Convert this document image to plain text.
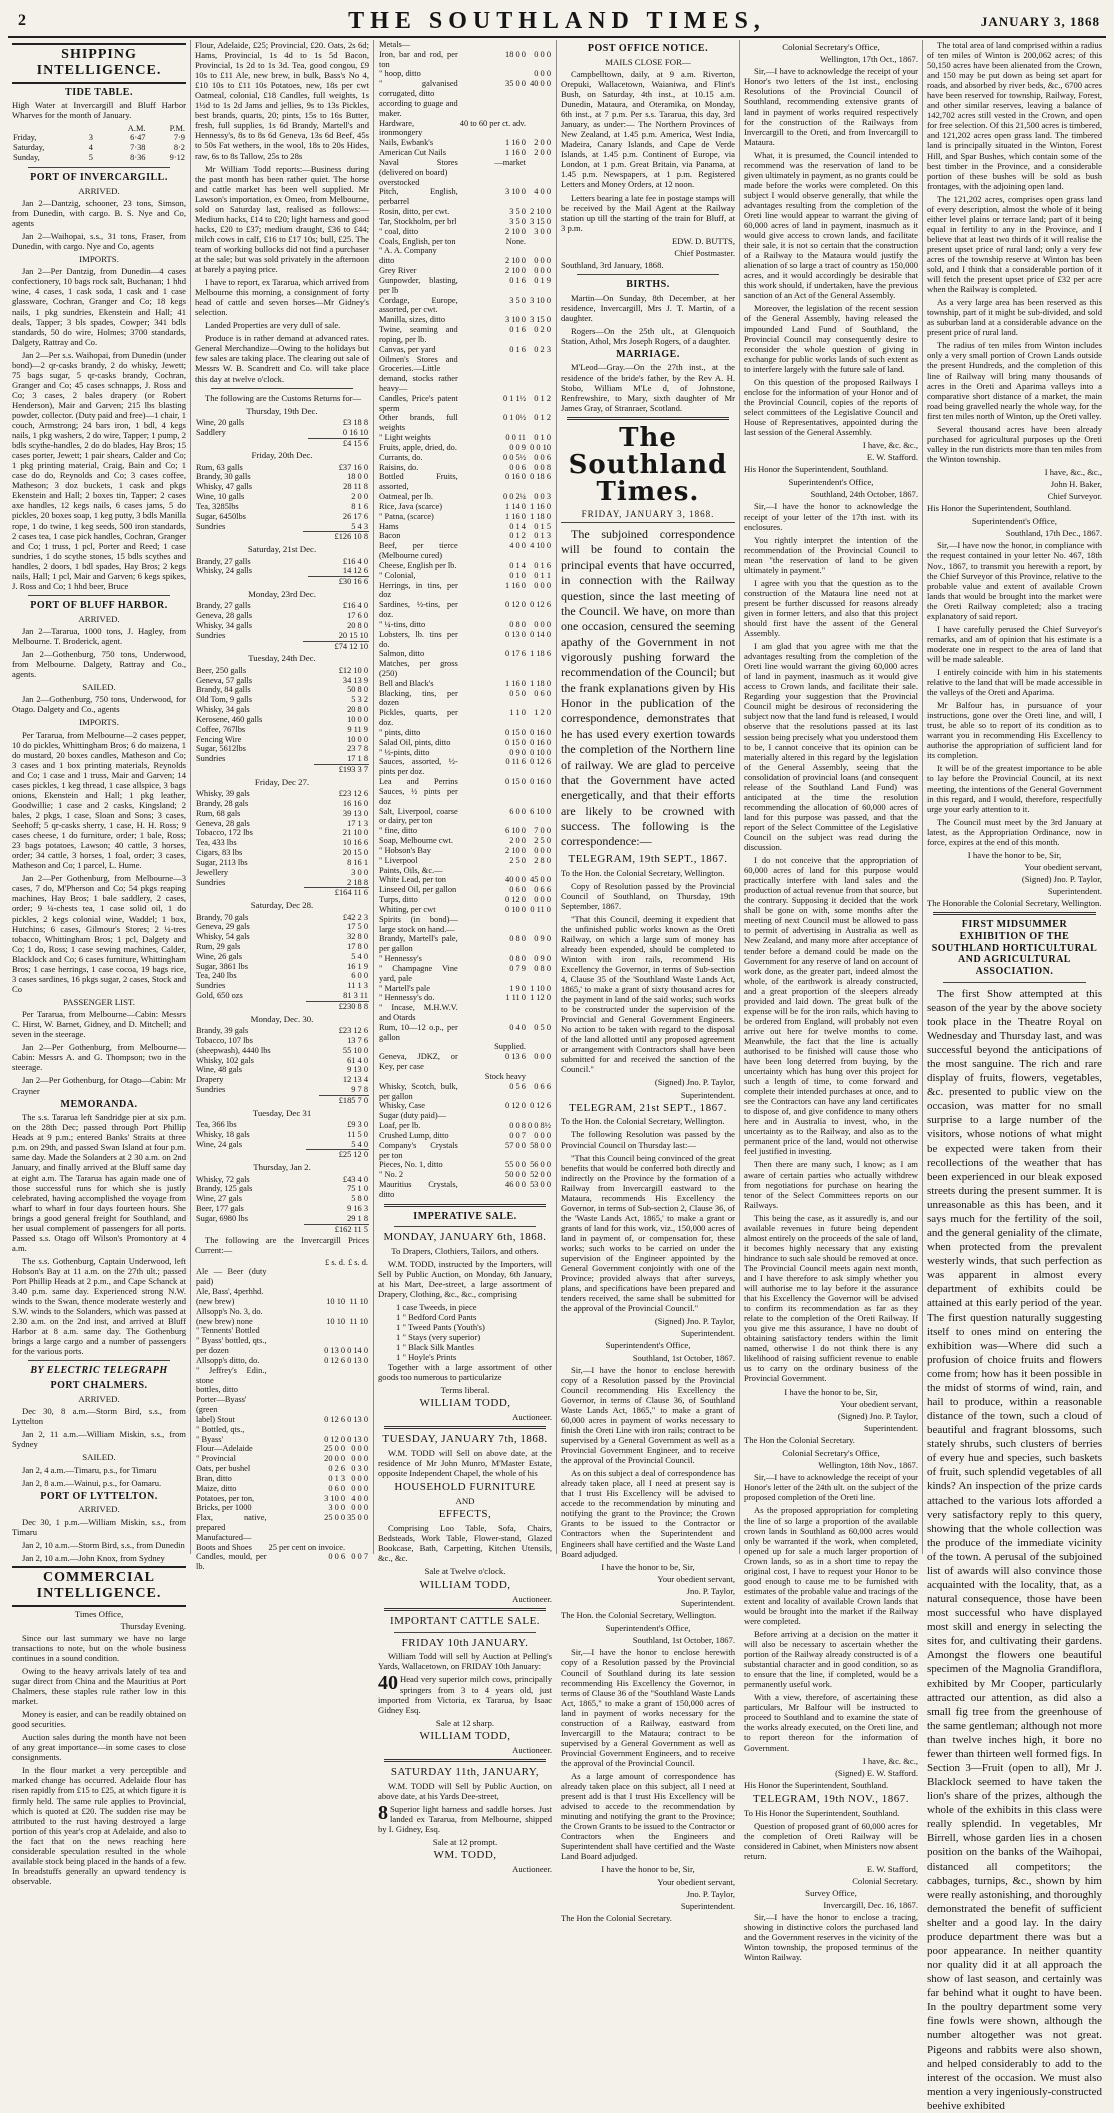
2	THE SOUTHLAND TIMES,	JANUARY 3, 1868
SHIPPING INTELLIGENCE.
TIDE TABLE.

High Water at Invercargill and Bluff Harbor Wharves for the month of January.

		A.M.	P.M.
Friday,	3	6·47	7·9
Saturday,	4	7·38	8·2
Sunday,	5	8·36	9·12
PORT OF INVERCARGILL.
ARRIVED.

Jan 2—Dantzig, schooner, 23 tons, Simson, from Dunedin, with cargo. B. S. Nye and Co, agents

Jan 2—Waihopai, s.s., 31 tons, Fraser, from Dunedin, with cargo. Nye and Co, agents

IMPORTS.

Jan 2—Per Dantzig, from Dunedin—4 cases confectionery, 10 bags rock salt, Buchanan; 1 hhd wine, 4 cases, 1 cask soda, 1 cask and 1 case glassware, Cochran, Granger and Co; 18 kegs nails, 1 pkg sundries, Ekenstein and Hall; 41 deals, Tapper; 3 bls spades, Cowper; 341 bdls standards, 50 do wire, Holmes; 3700 standards, Dalgety, Rattray and Co.

Jan 2—Per s.s. Waihopai, from Dunedin (under bond)—2 qr-casks brandy, 2 do whisky, Jewett; 75 bags sugar, 5 qr-casks brandy, Cochran, Granger and Co; 45 cases schnapps, J. Ross and Co; 3 cases, 2 bales drapery (or Robert Henderson), Mair and Garven; 215 lbs blasting powder, collector. (Duty paid and free)—1 chair, 1 couch, Armstrong; 24 bars iron, 1 bdl, 4 kegs nails, 1 pkg washers, 2 do wire, Tapper; 1 pump, 2 bdls scythe-handles, 2 do do blades, Hay Bros; 15 cases porter, Jewett; 1 pair shears, Calder and Co; 1 pkg printing material, Craig, Bain and Co; 1 case do do, Reynolds and Co; 3 cases coffee, Matheson; 3 doz buckets, 1 cask and pkgs Ekenstein and Hall; 2 boxes tin, Tapper; 2 cases axe handles, 12 kegs nails, 6 cases jams, 5 do pickles, 20 boxes soap, 1 keg putty, 3 bdls Manilla rope, 1 do twine, 1 keg seeds, 500 iron standards, 2 cases tea, 1 case pick handles, Cochran, Granger and Co; 1 truss, 1 pcl, Porter and Reed; 1 case sundries, 1 do scythe stones, 15 bdls scythes and handles, 2 doors, 1 bdl spades, Hay Bros; 2 kegs nails, Hall; 1 pcl, Mair and Garven; 6 kegs spikes, J. Ross and Co; 1 hhd beer, Bruce

PORT OF BLUFF HARBOR.
ARRIVED.

Jan 2—Tararua, 1000 tons, J. Hagley, from Melbourne. T. Broderick, agent.

Jan 2—Gothenburg, 750 tons, Underwood, from Melbourne. Dalgety, Rattray and Co., agents.

SAILED.

Jan 2—Gothenburg, 750 tons, Underwood, for Otago. Dalgety and Co., agents

IMPORTS.

Per Tararua, from Melbourne—2 cases pepper, 10 do pickles, Whittingham Bros; 6 do maizena, 1 do mustard, 20 boxes candles, Matheson and Co; 3 cases and 1 box printing materials, Reynolds and Co; 1 case and 1 truss, Mair and Garven; 14 cases pickles, 1 keg thread, 1 case allspice, 3 bags onions, Ekenstein and Hall; 1 pkg leather, Goodwillie; 1 case and 2 casks, Kingsland; 2 bales, 2 pkgs, 1 case, Sloan and Sons; 3 cases, Seehoff; 5 qr-casks sherry, 1 case, H. H. Ross; 9 cases cheese, 1 do furniture, order; 1 bale, Ross; 23 bags potatoes, Lawson; 40 cattle, 3 horses, order; 34 cattle, 3 horses, 1 foal, order; 3 cases, Matheson and Co; 1 parcel, L. Hume.

Jan 2—Per Gothenburg, from Melbourne—3 cases, 7 do, M'Pherson and Co; 54 pkgs reaping machines, Hay Bros; 1 bale saddlery, 2 cases, order; 9 ¼-chests tea, 1 case solid oil, 1 do pickles, 2 kegs colonial wine, Waddel; 1 box, Hutchins; 6 cases, Gilmour's Stores; 2 ¼-tres tobacco, Whittingham Bros; 1 pcl, Dalgety and Co; 1 do, Ross; 1 case sewing machines, Calder, Blacklock and Co; 6 cases furniture, Whittingham Bros; 1 case herrings, 1 case cocoa, 19 bags rice, 3 cases sardines, 16 pkgs sugar, 2 cases, Stock and Co

PASSENGER LIST.

Per Tararua, from Melbourne—Cabin: Messrs C. Hirst, W. Barnet, Gidney, and D. Mitchell; and seven in the steerage.

Jan 2—Per Gothenburg, from Melbourne—Cabin: Messrs A. and G. Thompson; two in the steerage.

Jan 2—Per Gothenburg, for Otago—Cabin: Mr Crayner

MEMORANDA.

The s.s. Tararua left Sandridge pier at six p.m. on the 28th Dec; passed through Port Phillip Heads at 9 p.m.; entered Banks' Straits at three p.m. on 29th, and passed Swan Island at four p.m. same day. Made the Solanders at 2 30 a.m. on 2nd January, and finally arrived at the Bluff same day at eight a.m. The Tararua has again made one of those successful runs for which she is justly celebrated, having accomplished the voyage from wharf to wharf in four days fourteen hours. She brings a good general freight for Southland, and her usual complement of passengers for all ports. Passed s.s. Otago off Wilson's Promontory at 4 a.m.

The s.s. Gothenburg, Captain Underwood, left Hobson's Bay at 11 a.m. on the 27th ult.; passed Port Phillip Heads at 2 p.m., and Cape Schanck at 3.40 p.m. same day. Experienced strong N.W. winds to the Swan, thence moderate westerly and S.W. winds to the Solanders, which was passed at 2.30 a.m. on the 2nd inst, and arrived at Bluff Harbor at 8 a.m. same day. The Gothenburg brings a large cargo and a number of passengers for the various ports.

BY ELECTRIC TELEGRAPH
PORT CHALMERS.
ARRIVED.

Dec 30, 8 a.m.—Storm Bird, s.s., from Lyttelton

Jan 2, 11 a.m.—William Miskin, s.s., from Sydney

SAILED.

Jan 2, 4 a.m.—Timaru, p.s., for Timaru

Jan 2, 8 a.m.—Wainui, p.s., for Oamaru.

PORT OF LYTTELTON.
ARRIVED.

Dec 30, 1 p.m.—William Miskin, s.s., from Timaru

Jan 2, 10 a.m.—Storm Bird, s.s., from Dunedin

Jan 2, 10 a.m.—John Knox, from Sydney

COMMERCIAL INTELLIGENCE.
Times Office,
Thursday Evening.

Since our last summary we have no large transactions to note, but on the whole business continues in a sound condition.

Owing to the heavy arrivals lately of tea and sugar direct from China and the Mauritius at Port Chalmers, these staples rule rather low in this market.

Money is easier, and can be readily obtained on good securities.

Auction sales during the month have not been of any great importance—in some cases to close consignments.

In the flour market a very perceptible and marked change has occurred. Adelaide flour has risen rapidly from £15 to £25, at which figure it is firmly held. The same rule applies to Provincial, which is quoted at £20. The sudden rise may be attributed to the rust having destroyed a large portion of this year's crop at Adelaide, and also to the fact that on the news reaching here considerable speculation resulted in the whole available stock being placed in the hands of a few. In breadstuffs generally an upward tendency is observable.

Flour, Adelaide, £25; Provincial, £20. Oats, 2s 6d; Hams, Provincial, 1s 4d to 1s 5d Bacon, Provincial, 1s 2d to 1s 3d. Tea, good congou, £9 10s to £11 Ale, new brew, in bulk, Bass's No 4, £10 10s to £11 10s Potatoes, new, 18s per cwt Oatmeal, colonial, £18 Candles, full weights, 1s 1½d to 1s 2d Jams and jellies, 9s to 13s Pickles, best brands, quarts, 20; pints, 15s to 16s Butter, fresh, full supplies, 1s 6d Brandy, Martell's and Hennessy's, 8s to 8s 6d Geneva, 13s 6d Beef, 45s to 50s Fat wethers, in the wool, 18s to 20s Hides, raw, 6s to 8s Tallow, 25s to 28s

Mr William Todd reports:—Business during the past month has been rather quiet. The horse and cattle market has been well supplied. Mr Lawson's importation, ex Omeo, from Melbourne, sold on Saturday last, realised as follows:—Medium hacks, £14 to £20; light harness and good hacks, £20 to £37; medium draught, £36 to £44; milch cows in calf, £16 to £17 10s; bull, £25. The team of working bullocks did not find a purchaser at the sale; but was sold privately in the afternoon at barely a paying price.

I have to report, ex Tararua, which arrived from Melbourne this morning, a consignment of forty head of cattle and seven horses—Mr Gidney's selection.

Landed Properties are very dull of sale.

Produce is in rather demand at advanced rates. General Merchandize—Owing to the holidays but few sales are taking place. The clearing out sale of Messrs W. B. Scandrett and Co. will take place this day at twelve o'clock.

The following are the Customs Returns for—

Thursday, 19th Dec.
Wine, 20 galls	£3 18 8
Saddlery	0 16 10
	£4 15 6
Friday, 20th Dec.
Rum, 63 galls	£37 16 0
Brandy, 30 galls	18 0 0
Whisky, 47 galls	28 11 8
Wine, 10 galls	2 0 0
Tea, 3285lbs	8 1 6
Sugar, 6450lbs	26 17 6
Sundries	5 4 3
	£126 10 8
Saturday, 21st Dec.
Brandy, 27 galls	£16 4 0
Whisky, 24 galls	14 12 6
	£30 16 6
Monday, 23rd Dec.
Brandy, 27 galls	£16 4 0
Geneva, 28 galls	17 6 0
Whisky, 34 galls	20 8 0
Sundries	20 15 10
	£74 12 10
Tuesday, 24th Dec.
Beer, 250 galls	£12 10 0
Geneva, 57 galls	34 13 9
Brandy, 84 galls	50 8 0
Old Tom, 9 galls	5 3 2
Whisky, 34 gals	20 8 0
Kerosene, 460 galls	10 0 0
Coffee, 767lbs	9 11 9
Fencing Wire	10 0 0
Sugar, 5612lbs	23 7 8
Sundries	17 1 8
	£193 3 7
Friday, Dec 27.
Whisky, 39 gals	£23 12 6
Brandy, 28 gals	16 16 0
Rum, 68 gals	39 13 0
Geneva, 28 gals	17 1 3
Tobacco, 172 lbs	21 10 0
Tea, 433 lbs	10 16 6
Cigars, 83 lbs	20 15 0
Sugar, 2113 lbs	8 16 1
Jewellery	3 0 0
Sundries	2 18 8
	£164 11 6
Saturday, Dec 28.
Brandy, 70 gals	£42 2 3
Geneva, 29 gals	17 5 0
Whisky, 54 gals	32 8 0
Rum, 29 gals	17 8 0
Wine, 26 gals	5 4 0
Sugar, 3861 lbs	16 1 9
Tea, 240 lbs	6 0 0
Sundries	11 1 3
Gold, 650 ozs	81 3 11
	£230 8 8
Monday, Dec. 30.
Brandy, 39 gals	£23 12 6
Tobacco, 107 lbs	13 7 6
(sheepwash), 4440 lbs	55 10 0
Whisky, 102 gals	61 4 0
Wine, 48 gals	9 13 0
Drapery	12 13 4
Sundries	9 7 8
	£185 7 0
Tuesday, Dec 31
Tea, 366 lbs	£9 3 0
Whisky, 18 gals	11 5 0
Wine, 24 gals	5 4 0
	£25 12 0
Thursday, Jan 2.
Whisky, 72 gals	£43 4 0
Brandy, 125 gals	75 1 0
Wine, 27 gals	5 8 0
Beer, 177 gals	9 16 3
Sugar, 6980 lbs	29 1 8
	£162 11 5

The following are the Invercargill Prices Current:—

	£ s. d.	£ s. d.
Ale — Beer (duty paid)		
Ale, Bass', 4perhhd.		
(new brew)	10 10	11 10
Allsopp's No. 3, do.		
(new brew) none	10 10	11 10
" Tennents' Bottled		
" Byass' bottled, qts.,		
per dozen	0 13 0	0 14 0
Allsopp's ditto, do.	0 12 6	0 13 0
" Jeffrey's Edin., stone		
bottles, ditto		
Porter—Byass' (green		
label) Stout	0 12 6	0 13 0
" Bottled, qts.,		
" Byass'	0 12 0	0 13 0
Flour—Adelaide	25 0 0	0 0 0
" Provincial	20 0 0	0 0 0
Oats, per bushel	0 2 6	0 3 0
Bran, ditto	0 1 3	0 0 0
Maize, ditto	0 6 0	0 0 0
Potatoes, per ton,	3 10 0	4 0 0
Bricks, per 1000	3 0 0	0 0 0
Flax, native, prepared	25 0 0	35 0 0
Manufactured—		
Boots and Shoes	25 per cent on invoice.	
Candles, mould, per lb.	0 0 6	0 0 7
Metals—		
Iron, bar and rod, per ton	18 0 0	0 0 0
" hoop, ditto		0 0 0
" galvanised corrugated, ditto	35 0 0	40 0 0
according to guage and maker.		
Hardware, ironmongery	40 to 60 per ct. adv.	
Nails, Ewbank's	1 16 0	2 0 0
American Cut Nails	1 16 0	2 0 0
Naval Stores (delivered on board)	—market	
overstocked		
Pitch, English, perbarrel	3 10 0	4 0 0
Rosin, ditto, per cwt.	3 5 0	2 10 0
Tar, Stockholm, per brl	3 5 0	3 15 0
" coal, ditto	2 10 0	3 0 0
Coals, English, per ton	None.	
" A. A. Company		
ditto	2 10 0	0 0 0
Grey River	2 10 0	0 0 0
Gunpowder, blasting, per lb	0 1 6	0 1 9
Cordage, Europe, assorted, per cwt.	3 5 0	3 10 0
Manilla, sizes, ditto	3 10 0	3 15 0
Twine, seaming and roping, per lb.	0 1 6	0 2 0
Canvas, per yard	0 1 6	0 2 3
Oilmen's Stores and Groceries.—Little demand, stocks rather heavy—		
Candles, Price's patent sperm	0 1 1½	0 1 2
Other brands, full weights	0 1 0½	0 1 2
" Light weights	0 0 11	0 1 0
Fruits, apple, dried, do.	0 0 9	0 0 10
Currants, do.	0 0 5½	0 0 6
Raisins, do.	0 0 6	0 0 8
Bottled Fruits, assorted,	0 16 0	0 18 6
Oatmeal, per lb.	0 0 2¼	0 0 3
Rice, Java (scarce)	1 14 0	1 16 0
" Patna, (scarce)	1 16 0	1 18 0
Hams	0 1 4	0 1 5
Bacon	0 1 2	0 1 3
Beef, per tierce (Melbourne cured)	4 0 0	4 10 0
Cheese, English per lb.	0 1 4	0 1 6
" Colonial,	0 1 0	0 1 1
Herrings, in tins, per doz	1 16 0	0 0 0
Sardines, ½-tins, per doz.	0 12 0	0 12 6
" ¼-tins, ditto	0 8 0	0 0 0
Lobsters, lb. tins per do.	0 13 0	0 14 0
Salmon, ditto	0 17 6	1 18 6
Matches, per gross (250)		
Bell and Black's	1 16 0	1 18 0
Blacking, tins, per dozen	0 5 0	0 6 0
Pickles, quarts, per doz.	1 1 0	1 2 0
" pints, ditto	0 15 0	0 16 0
Salad Oil, pints, ditto	0 15 0	0 16 0
" ½-pints, ditto	0 9 0	0 10 0
Sauces, assorted, ½-pints per doz.	0 11 6	0 12 6
Lea and Perrins Sauces, ½ pints per doz	0 15 0	0 16 0
Salt, Liverpool, coarse or dairy, per ton	6 0 0	6 10 0
" fine, ditto	6 10 0	7 0 0
Soap, Melbourne cwt.	2 0 0	2 5 0
" Hobson's Bay	2 10 0	0 0 0
" Liverpool	2 5 0	2 8 0
Paints, Oils, &c.—		
White Lead, per ton	40 0 0	45 0 0
Linseed Oil, per gallon	0 6 0	0 6 6
Turps, ditto	0 12 0	0 0 0
Whiting, per cwt	0 10 0	0 11 0
Spirits (in bond)—large stock on hand.—		
Brandy, Martell's pale, per gallon	0 8 0	0 9 0
" Hennessy's	0 8 0	0 9 0
" Champagne Vine yard, pale	0 7 9	0 8 0
" Martell's pale	1 9 0	1 10 0
" Hennessy's do.	1 11 0	1 12 0
" Incase, M.H.W.V. and Otards		
Rum, 10—12 o.p., per gallon	0 4 0	0 5 0
	Supplied.	
Geneva, JDKZ, or Key, per case	0 13 6	0 0 0
	Stock heavy	
Whisky, Scotch, bulk, per gallon	0 5 6	0 6 6
Whisky, Case	0 12 0	0 12 6
Sugar (duty paid)—		
Loaf, per lb.	0 0 8	0 0 8½
Crushed Lump, ditto	0 0 7	0 0 0
Company's Crystals per ton	57 0 0	58 0 0
Pieces, No. 1, ditto	55 0 0	56 0 0
" No. 2	50 0 0	52 0 0
Mauritius Crystals, ditto	46 0 0	53 0 0
IMPERATIVE SALE.
MONDAY, JANUARY 6th, 1868.
To Drapers, Clothiers, Tailors, and others.

W.M. TODD, instructed by the Importers, will Sell by Public Auction, on Monday, 6th January, at his Mart, Dee-street, a large assortment of Drapery, Clothing, &c., &c., comprising

1 case Tweeds, in piece
1 " Bedford Cord Pants
1 " Tweed Pants (Youth's)
1 " Stays (very superior)
1 " Black Silk Mantles
1 " Hoyle's Prints

Together with a large assortment of other goods too numerous to particularize

Terms liberal.
WILLIAM TODD,
Auctioneer.
TUESDAY, JANUARY 7th, 1868.

W.M. TODD will Sell on above date, at the residence of Mr John Munro, M'Master Estate, opposite Independent Chapel, the whole of his

HOUSEHOLD FURNITURE
AND
EFFECTS,

Comprising Loo Table, Sofa, Chairs, Bedsteads, Work Table, Flower-stand, Glazed Bookcase, Bath, Carpetting, Kitchen Utensils, &c., &c.

Sale at Twelve o'clock.
WILLIAM TODD,
Auctioneer.
IMPORTANT CATTLE SALE.
FRIDAY 10th JANUARY.

William Todd will sell by Auction at Pelling's Yards, Wallacetown, on FRIDAY 10th January:

40 Head very superior milch cows, principally springers from 3 to 4 years old, just imported from Victoria, ex Tararua, by Isaac Gidney Esq.

Sale at 12 sharp.
WILLIAM TODD,
Auctioneer.
SATURDAY 11th, JANUARY,

W.M. TODD will Sell by Public Auction, on above date, at his Yards Dee-street,

8 Superior light harness and saddle horses. Just landed ex Tararua, from Melbourne, shipped by I. Gidney, Esq.

Sale at 12 prompt.
WM. TODD,
Auctioneer.
POST OFFICE NOTICE.
MAILS CLOSE FOR—

Campbelltown, daily, at 9 a.m. Riverton, Orepuki, Wallacetown, Waianiwa, and Flint's Bush, on Saturday, 4th inst., at 10.15 a.m. Dunedin, Mataura, and Oteramika, on Monday, 6th inst., at 7 p.m. Per s.s. Tararua, this day, 3rd January, as under:— The Northern Provinces of New Zealand, at 1.45 p.m. America, West India, Madeira, Canary Islands, and Cape de Verde Islands, at 1.45 p.m. Continent of Europe, via London, at 1 p.m. Great Britain, via Panama, at 1.45 p.m. Newspapers, at 1 p.m. Registered Letters and Money Orders, at 12 noon.

Letters bearing a late fee in postage stamps will be received by the Mail Agent at the Railway station up till the starting of the train for Bluff, at 3 p.m.

EDW. D. BUTTS,
Chief Postmaster.

Southland, 3rd January, 1868.

BIRTHS.

Martin—On Sunday, 8th December, at her residence, Invercargill, Mrs J. T. Martin, of a daughter.

Rogers—On the 25th ult., at Glenquoich Station, Athol, Mrs Joseph Rogers, of a daughter.

MARRIAGE.

M'Leod—Gray.—On the 27th inst., at the residence of the bride's father, by the Rev A. H. Stobo, William M'Le d, of Johnstone, Renfrewshire, to Mary, sixth daughter of Mr James Gray, of Stranraer, Scotland.

The Southland Times.
FRIDAY, JANUARY 3, 1868.

The subjoined correspondence will be found to contain the principal events that have occurred, in connection with the Railway question, since the last meeting of the Council. We have, on more than one occasion, censured the seeming apathy of the Government in not vigorously pushing forward the recommendation of the Council; but the frank explanations given by His Honor in the publication of the correspondence, demonstrates that he has used every exertion towards the completion of the Northern line of railway. We are glad to perceive that the Government have acted energetically, and that their efforts are likely to be crowned with success. The following is the correspondence:—

TELEGRAM, 19th SEPT., 1867.

To the Hon. the Colonial Secretary, Wellington.

Copy of Resolution passed by the Provincial Council of Southland, on Thursday, 19th September, 1867.

"That this Council, deeming it expedient that the unfinished public works known as the Oreti Railway, on which a large sum of money has already been expended, should be completed to Winton with iron rails, recommend His Excellency the Governor, in terms of Sub-section 4, Clause 35 of the 'Southland Waste Lands Act, 1865,' to make a grant of sixty thousand acres for the payment in land of the said works; such works to be constructed under the supervision of the Provincial and General Government Engineers. No action to be taken with regard to the disposal of the land allotted until any proposed agreement or arrangement with Contractors shall have been submitted for and received the sanction of the Council."

(Signed) Jno. P. Taylor,
Superintendent.
TELEGRAM, 21st SEPT., 1867.

To the Hon. the Colonial Secretary, Wellington.

The following Resolution was passed by the Provincial Council on Thursday last:—

"That this Council being convinced of the great benefits that would be conferred both directly and indirectly on the Province by the formation of a Railway from Invercargill eastward to the Mataura, recommends His Excellency the Governor, in terms of Sub-section 2, Clause 36, of the 'Waste Lands Act, 1865,' to make a grant or grants of land for this work, viz., 150,000 acres of land in payment of, or compensation for, these works; such works to be carried on under the supervision of the Engineer appointed by the General Government conjointly with one of the Province; provided always that after surveys, plans, and specifications have been prepared and tenders received, the same shall be submitted for the approval of the Provincial Council."

(Signed) Jno. P. Taylor,
Superintendent.
Superintendent's Office,
Southland, 1st October, 1867.

Sir,—I have the honor to enclose herewith copy of a Resolution passed by the Provincial Council recommending His Excellency the Governor, in terms of Clause 36, of Southland Waste Lands Act, 1865," to make a grant of 60,000 acres in payment of works necessary to finish the Oreti Line with iron rails; contract to be supervised by a General Government as well as a Provincial Government Engineer, and to receive the approval of the Provincial Council.

As on this subject a deal of correspondence has already taken place, all I need at present say is that I trust His Excellency will be advised to accede to the recommendation by minuting and notifying the grant to the Province; the Crown Grants to be issued to the Contractor or Contractors when the Superintendent and Engineers shall have certified and the Waste Land Board adjudged.

I have the honor to be, Sir,
Your obedient servant,
Jno. P. Taylor,
Superintendent.

The Hon. the Colonial Secretary, Wellington.

Superintendent's Office,
Southland, 1st October, 1867.

Sir,—I have the honor to enclose herewith copy of a Resolution passed by the Provincial Council of Southland during its late session recommending His Excellency the Governor, in terms of Clause 36 of the "Southland Waste Lands Act, 1865," to make a grant of 150,000 acres of land in payment of works necessary for the construction of a Railway, eastward from Invercargill to the Mataura; contract to be supervised by a General Government as well as Provincial Government Engineers, and to receive the approval of the Provincial Council.

As a large amount of correspondence has already taken place on this subject, all I need at present add is that I trust His Excellency will be advised to accede to the recommendation by minuting and notifying the grant to the Province; the Crown Grants to be issued to the Contractor or Contractors when the Engineers and Superintendent shall have certified and the Waste Land Board adjudged.

I have the honor to be, Sir,
Your obedient servant,
Jno. P. Taylor,
Superintendent.

The Hon the Colonial Secretary.

Colonial Secretary's Office,
Wellington, 17th Oct., 1867.

Sir,—I have to acknowledge the receipt of your Honor's two letters of the 1st inst., enclosing Resolutions of the Provincial Council of Southland, recommending extensive grants of land in payment of works required respectively for the construction of the Railways from Invercargill to the Oreti, and from Invercargill to Mataura.

What, it is presumed, the Council intended to recommend was the reservation of land to be given ultimately in payment, as no grants could be made before the works were completed. On this subject I would observe generally, that while the advantages resulting from the completion of the Oreti line would appear to warrant the giving of 60,000 acres of land in payment, inasmuch as it would give access to crown lands, and facilitate their sale, it is not so certain that the construction of a Railway to the Mataura would justify the alienation of so large a tract of country as 150,000 acres, and it would accordingly be desirable that this work should, if undertaken, have the previous sanction of an Act of the General Assembly.

Moreover, the legislation of the recent session of the General Assembly, having released the impounded Land Fund of Southland, the Provincial Council may consequently desire to reconsider the whole question of giving in exchange for public works lands of such extent as to interfere largely with the future sale of land.

On this question of the proposed Railways I enclose for the information of your Honor and of the Provincial Council, copies of the reports of select committees of the Legislative Council and House of Representatives, appointed during the last session of the General Assembly.

I have, &c. &c.,
E. W. Stafford.

His Honor the Superintendent, Southland.

Superintendent's Office,
Southland, 24th October, 1867.

Sir,—I have the honor to acknowledge the receipt of your letter of the 17th inst. with its enclosures.

You rightly interpret the intention of the recommendation of the Provincial Council to mean "the reservation of land to be given ultimately in payment."

I agree with you that the question as to the construction of the Mataura line need not at present be further discussed for reasons already given in former letters, and also that this project should first have the assent of the General Assembly.

I am glad that you agree with me that the advantages resulting from the completion of the Oreti line would warrant the giving 60,000 acres of land in payment, inasmuch as it would give access to Crown lands, and facilitate their sale. Regarding your suggestion that the Provincial Council might be desirous of reconsidering the subject now that the land fund is released, I would observe that the resolutions passed at its last session being precisely what you understood them to be, I cannot conceive that its opinion can be materially altered in this regard by the legislation of the General Assembly, seeing that the consolidation of provincial loans (and consequent release of the Southland Land Fund) was anticipated at the time the resolution recommending the allocation of 60,000 acres of land for this purpose was passed, and that the report of the Select Committee of the Legislative Council on the subject was read during the discussion.

I do not conceive that the appropriation of 60,000 acres of land for this purpose would practically interfere with land sales and the production of actual revenue from that source, but the contrary. Supposing it decided that the work shall be gone on with, some months after the meeting of next Council must be allowed to pass to permit of advertising in Australia as well as New Zealand, and many more after acceptance of tender before a demand could be made on the Government for any reserve of land on account of work done, as the greater part, indeed almost the whole, of the earthwork is already constructed, and a great proportion of the sleepers already provided and laid down. The great bulk of the expense will be for the iron rails, which having to be ordered from England, will probably not even arrive out here for twelve months to come. Meanwhile, the fact that the line is actually authorised to be finished will cause those who have been long deterred from buying, by the uncertainty which has hung over this project for such a length of time, to come forward and complete their intended purchases at once, and to see the Contractors can have any land certificates to dispose of, and give confidence to many others here and in Australia to invest, who, in the uncertainty as to the Railway, and also as to the permanent price of the land, would not otherwise feel justified in investing.

Then there are many such, I know; as I am aware of certain parties who actually withdrew from negotiations for purchase on hearing the tenor of the Select Committees reports on our Railways.

This being the case, as it assuredly is, and our available revenues in future being dependent almost entirely on the proceeds of the sale of land, it becomes highly necessary that any existing hindrance to such sale should be removed at once. The Provincial Council meets again next month, and I have therefore to ask simply whether you will authorise me to lay before it the assurance that his Excellency the Governor will be advised to confirm its recommendation as far as they relate to the completion of the Oreti Railway. If you give me this assurance, I have no doubt of obtaining satisfactory tenders within the limit named, otherwise I do not think there is any likelihood of raising sufficient revenue to enable us to carry on the ordinary business of the Provincial Government.

I have the honor to be, Sir,
Your obedient servant,
(Signed) Jno. P. Taylor,
Superintendent.

The Hon the Colonial Secretary.

Colonial Secretary's Office,
Wellington, 18th Nov., 1867.

Sir,—I have to acknowledge the receipt of your Honor's letter of the 24th ult. on the subject of the proposed completion of the Oreti line.

As the proposed appropriation for completing the line of so large a proportion of the available crown lands in Southland as 60,000 acres would only be warranted if the work, when completed, opened up for sale a much larger proportion of Crown lands, so as in a short time to repay the original cost, I have to request your Honor to be good enough to cause me to be furnished with estimates of the probable value and tracings of the extent and locality of available Crown lands that would be brought into the market if the Railway were completed.

Before arriving at a decision on the matter it will also be necessary to ascertain whether the portion of the Railway already constructed is of a substantial character and in good condition, so as to ensure that the line, if completed, would be a permanently useful work.

With a view, therefore, of ascertaining these particulars, Mr Balfour will be instructed to proceed to Southland and to examine the state of the works already executed, on the Oreti line, and to report thereon for the information of Government.

I have, &c. &c.,
(Signed) E. W. Stafford.

His Honor the Superintendent, Southland.

TELEGRAM, 19th NOV., 1867.

To His Honor the Superintendent, Southland.

Question of proposed grant of 60,000 acres for the completion of Oreti Railway will be considered in Cabinet, when Ministers now absent return.

E. W. Stafford,
Colonial Secretary.
Survey Office,
Invercargill, Dec. 16, 1867.

Sir,—I have the honor to enclose a tracing, showing in distinctive colors the purchased land and the Government reserves in the vicinity of the Winton township, the proposed terminus of the Winton Railway.

The total area of land comprised within a radius of ten miles of Winton is 200,062 acres; of this 50,150 acres have been alienated from the Crown, and 150 may be put down as being set apart for roads, and absorbed by river beds, &c., 6700 acres have been reserved for township, Railway, Forest, and other similar reserves, leaving a balance of 142,702 acres still vested in the Crown, and open for free selection. Of this 21,500 acres is timbered, and 121,202 acres open grass land. The timbered land is principally situated in the Winton, Forest Hill, and Spar Bushes, which contain some of the best timber in the Province, and a considerable portion of these bushes will be sold as bush frontages, with the adjoining open land.

The 121,202 acres, comprises open grass land of every description, almost the whole of it being either level plains or terrace land; part of it being equal in fertility to any in the Province, and I believe that at least two thirds of it will realise the present upset price of rural land; only a very few acres of the township reserve at Winton has been sold, and I think that a considerable portion of it will fetch the present upset price of £32 per acre when the Railway is completed.

As a very large area has been reserved as this township, part of it might be sub-divided, and sold as suburban land at a considerable advance on the present price of rural land.

The radius of ten miles from Winton includes only a very small portion of Crown Lands outside the present Hundreds, and the completion of this line of Railway will bring many thousands of acres in the Oreti and Aparima valleys into a comparative short distance of a market, the main road being gravelled nearly the whole way, for the first ten miles north of Winton, up the Oreti valley.

Several thousand acres have been already purchased for agricultural purposes up the Oreti valley in the run districts more than ten miles from the Winton township.

I have, &c., &c.,
John H. Baker,
Chief Surveyor.

His Honor the Superintendent, Southland.

Superintendent's Office,
Southland, 17th Dec., 1867.

Sir,—I have now the honor, in compliance with the request contained in your letter No. 467, 18th Nov., 1867, to transmit you herewith a report, by the Chief Surveyor of this Province, relative to the probable value and extent of available Crown lands that would be brought into the market were the Oreti Railway completed; also a tracing explanatory of said report.

I have carefully perused the Chief Surveyor's remarks, and am of opinion that his estimate is a moderate one in respect to the area of land that will be made saleable.

I entirely coincide with him in his statements relative to the land that will be made accessible in the valleys of the Oreti and Aparima.

Mr Balfour has, in pursuance of your instructions, gone over the Oreti line, and will, I trust, be able so to report of its condition as to warrant you in recommending His Excellency to authorise the appropriation of sufficient land for its completion.

It will be of the greatest importance to be able to lay before the Provincial Council, at its next meeting, the intentions of the General Government in this regard, and I would, therefore, respectfully urge your early attention to it.

The Council must meet by the 3rd January at latest, as the Appropriation Ordinance, now in force, expires at the end of this month.

I have the honor to be, Sir,
Your obedient servant,
(Signed) Jno. P. Taylor,
Superintendent.

The Honorable the Colonial Secretary, Wellington.

FIRST MIDSUMMER EXHIBITION OF THE SOUTHLAND HORTICULTURAL AND AGRICULTURAL ASSOCIATION.

The first Show attempted at this season of the year by the above society took place in the Theatre Royal on Wednesday and Thursday last, and was successful beyond the anticipations of the most sanguine. The rich and rare display of fruits, flowers, vegetables, &c. presented to public view on the occasion, was matter for no small surprise to a large number of the visitors, whose notions of what might be expected were taken from their recollections of the weather that has been experienced in our bleak exposed streets during the present summer. It is unreasonable as this has been, and it says much for the fertility of the soil, and the general geniality of the climate, when protected from the prevalent westerly winds, that such perfection as was apparent in almost every department of exhibits could be attained at this early period of the year. The first question naturally suggesting itself to ones mind on entering the exhibition was—Where did such a profusion of choice fruits and flowers come from; how has it been possible in the midst of storms of wind, rain, and hail to produce, within a reasonable distance of the town, such a cloud of beautiful and fragrant blossoms, such stately shrubs, such clusters of berries of every hue and species, such baskets of fruit, such splendid vegetables of all kinds? An inspection of the prize cards attached to the various lots afforded a very satisfactory reply to this query, showing that the whole collection was the produce of the immediate vicinity of the town. A perusal of the subjoined list of awards will also convince those acquainted with the locality, that, as a natural consequence, those have been most successful who have displayed most skill and energy in selecting the sites for, and cultivating their gardens. Amongst the flowers one beautiful specimen of the Magnolia Grandiflora, exhibited by Mr Cooper, particularly attracted our attention, as did also a small fig tree from the greenhouse of the same gentleman; although not more than twelve inches high, it bore no fewer than thirteen well formed figs. In Section 3—Fruit (open to all), Mr J. Blacklock seemed to have taken the lion's share of the prizes, although the whole of the exhibits in this class were really splendid. In vegetables, Mr Birrell, whose garden lies in a chosen position on the banks of the Waihopai, distanced all competitors; the cabbages, turnips, &c., shown by him were really astonishing, and thoroughly demonstrated the benefit of sufficient shelter and a good lay. In the dairy produce department there was but a poor appearance. In neither quantity nor quality did it at all approach the show of last season, and certainly was far behind what it ought to have been. In the poultry department some very fine fowls were shown, although the number altogether was not great. Pigeons and rabbits were also shown, and helped considerably to add to the interest of the occasion. We must also mention a very ingeniously-constructed beehive exhibited
